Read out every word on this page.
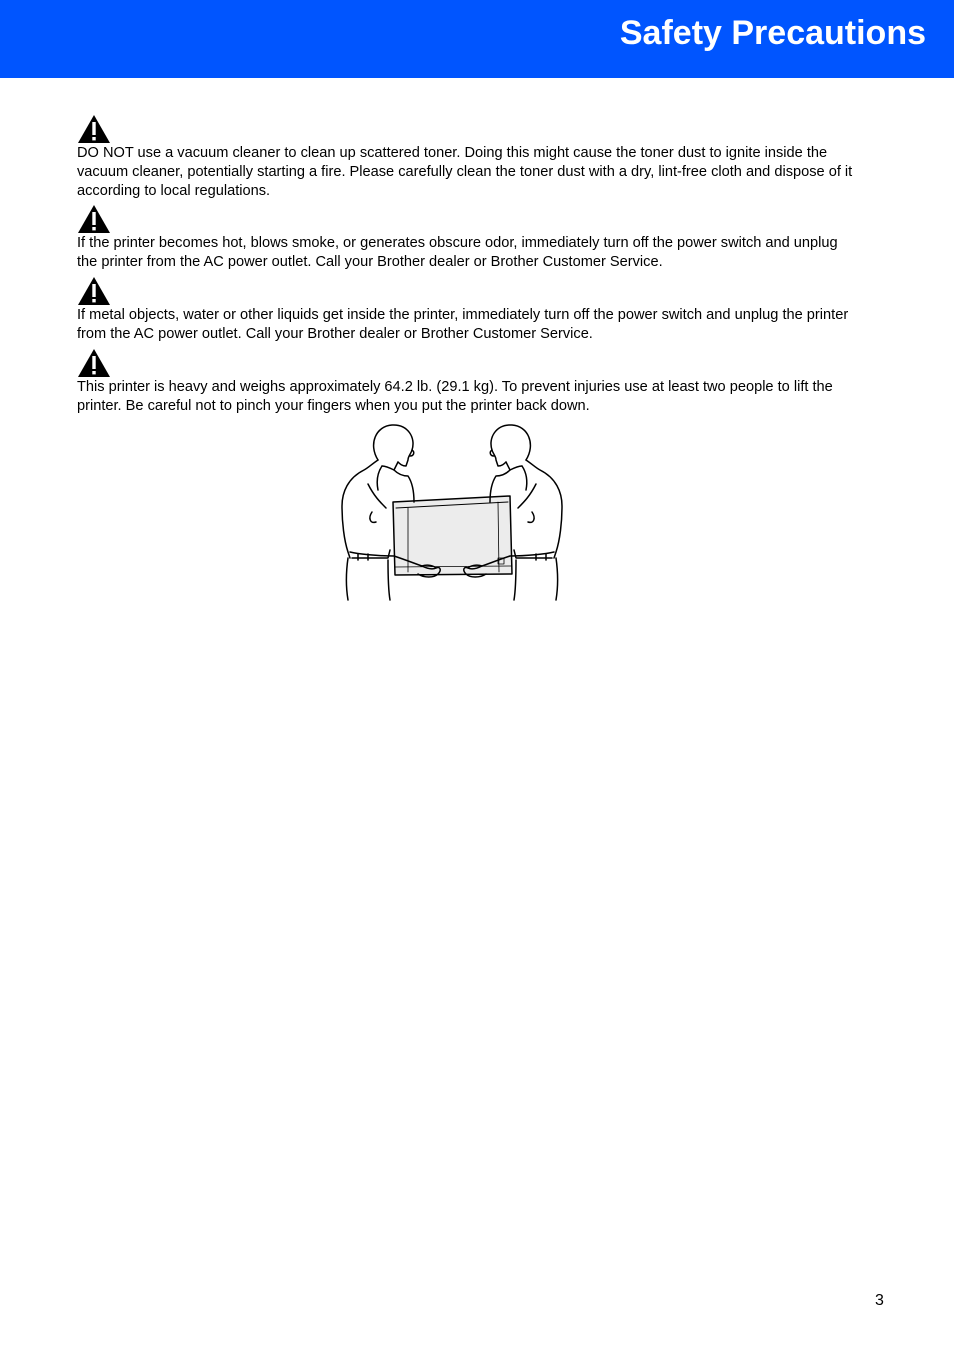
Safety Precautions

DO NOT use a vacuum cleaner to clean up scattered toner. Doing this might cause the toner dust to ignite inside the vacuum cleaner, potentially starting a fire. Please carefully clean the toner dust with a dry, lint-free cloth and dispose of it according to local regulations.

If the printer becomes hot, blows smoke, or generates obscure odor, immediately turn off the power switch and unplug the printer from the AC power outlet. Call your Brother dealer or Brother Customer Service.

If metal objects, water or other liquids get inside the printer, immediately turn off the power switch and unplug the printer from the AC power outlet. Call your Brother dealer or Brother Customer Service.

This printer is heavy and weighs approximately 64.2 lb. (29.1 kg). To prevent injuries use at least two people to lift the printer. Be careful not to pinch your fingers when you put the printer back down.

3
